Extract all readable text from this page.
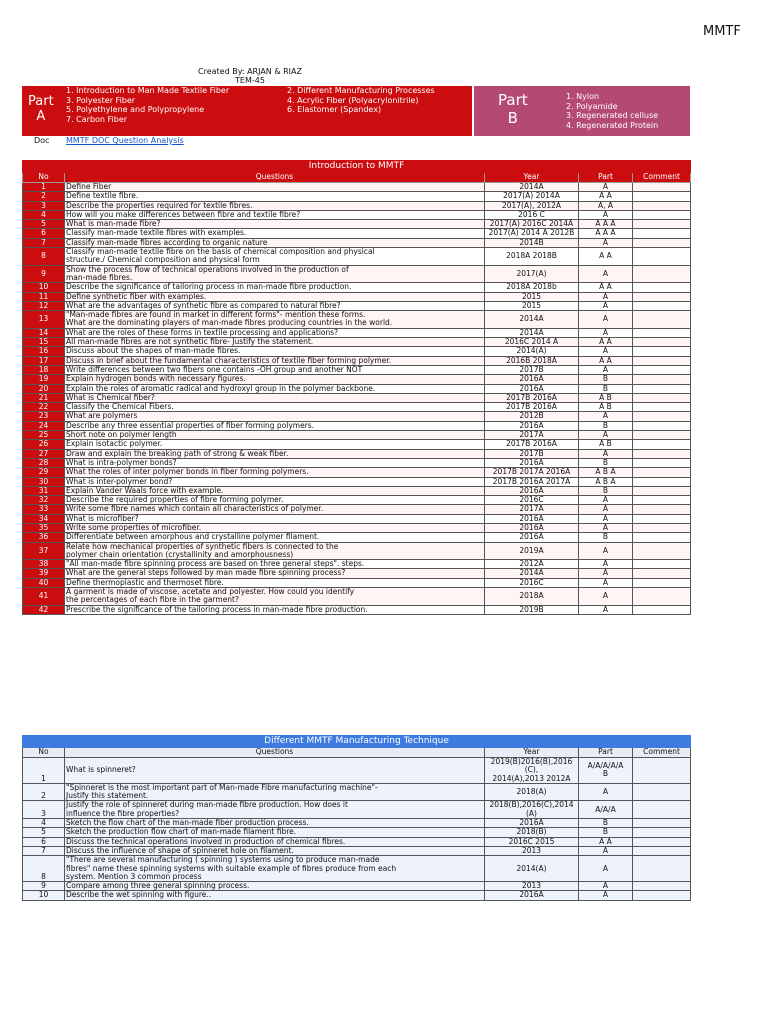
MMTF
Created By: ARJAN & RIAZ
TEM-45
Part
A
1. Introduction to Man Made Textile Fiber
3. Polyester Fiber
5. Polyethylene and Polypropylene
7. Carbon Fiber
2. Different Manufacturing Processes
4. Acrylic Fiber (Polyacrylonitrile)
6. Elastomer (Spandex)
Part
B
1. Nylon
2. Polyamide
3. Regenerated celluse
4. Regenerated Protein
Doc MMTF DOC Question Analysis
Introduction to MMTF				
No	Questions	Year	Part	Comment
1	Define Fiber	2014A	A	
2	Define textile fibre.	2017(A) 2014A	A A	
3	Describe the properties required for textile fibres.	2017(A), 2012A	A, A	
4	How will you make differences between fibre and textile fibre?	2016 C	A	
5	What is man-made fibre?	2017(A) 2016C 2014A	A A A	
6	Classify man-made textile fibres with examples.	2017(A) 2014 A 2012B	A A A	
7	Classify man-made fibres according to organic nature	2014B	A	
8	Classify man-made textile fibre on the basis of chemical composition and physical
structure./ Chemical composition and physical form	2018A 2018B	A A	
9	Show the process flow of technical operations involved in the production of
man-made fibres.	2017(A)	A	
10	Describe the significance of tailoring process in man-made fibre production.	2018A 2018b	A A	
11	Define synthetic fiber with examples.	2015	A	
12	What are the advantages of synthetic fibre as compared to natural fibre?	2015	A	
13	"Man-made fibres are found in market in different forms"- mention these forms.
What are the dominating players of man-made fibres producing countries in the world.	2014A	A	
14	What are the roles of these forms in textile processing and applications?	2014A	A	
15	All man-made fibres are not synthetic fibre- Justify the statement.	2016C 2014 A	A A	
16	Discuss about the shapes of man-made fibres.	2014(A)	A	
17	Discuss in brief about the fundamental characteristics of textile fiber forming polymer.	2016B 2018A	A A	
18	Write differences between two fibers one contains -OH group and another NOT	2017B	A	
19	Explain hydrogen bonds with necessary figures.	2016A	B	
20	Explain the roles of aromatic radical and hydroxyl group in the polymer backbone.	2016A	B	
21	What is Chemical fiber?	2017B 2016A	A B	
22	Classify the Chemical Fibers.	2017B 2016A	A B	
23	What are polymers	2012B	A	
24	Describe any three essential properties of fiber forming polymers.	2016A	B	
25	Short note on polymer length	2017A	A	
26	Explain isotactic polymer.	2017B 2016A	A B	
27	Draw and explain the breaking path of strong & weak fiber.	2017B	A	
28	What is intra-polymer bonds?	2016A	B	
29	What the roles of inter polymer bonds in fiber forming polymers.	2017B 2017A 2016A	A B A	
30	What is inter-polymer bond?	2017B 2016A 2017A	A B A	
31	Explain Vander Waals force with example.	2016A	B	
32	Describe the required properties of fibre forming polymer.	2016C	A	
33	Write some fibre names which contain all characteristics of polymer.	2017A	A	
34	What is microfiber?	2016A	A	
35	Write some properties of microfiber.	2016A	A	
36	Differentiate between amorphous and crystalline polymer filament.	2016A	B	
37	Relate how mechanical properties of synthetic fibers is connected to the
polymer chain orientation (crystallinity and amorphousness)	2019A	A	
38	"All man-made fibre spinning process are based on three general steps". steps.	2012A	A	
39	What are the general steps followed by man made fibre spinning process?	2014A	A	
40	Define thermoplastic and thermoset fibre.	2016C	A	
41	A garment is made of viscose, acetate and polyester. How could you identify
the percentages of each fibre in the garment?	2018A	A	
42	Prescribe the significance of the tailoring process in man-made fibre production.	2019B	A	
Different MMTF Manufacturing Technique				
No	Questions	Year	Part	Comment
1	What is spinneret?	2019(B)2016(B),2016
(C),
2014(A),2013 2012A	A/A/A/A/A
B	
2	"Spinneret is the most important part of Man-made Fibre manufacturing machine"-
Justify this statement.	2018(A)	A	
3	Justify the role of spinneret during man-made fibre production. How does it
influence the fibre properties?	2018(B),2016(C),2014
(A)	A/A/A	
4	Sketch the flow chart of the man-made fiber production process.	2016A	B	
5	Sketch the production flow chart of man-made filament fibre.	2018(B)	B	
6	Discuss the technical operations involved in production of chemical fibres.	2016C 2015	A A	
7	Discuss the influence of shape of spinneret hole on filament.	2013	A	
8	"There are several manufacturing ( spinning ) systems using to produce man-made
fibres" name these spinning systems with suitable example of fibres produce from each
system. Mention 3 common process	2014(A)	A	
9	Compare among three general spinning process.	2013	A	
10	Describe the wet spinning with figure..	2016A	A	
